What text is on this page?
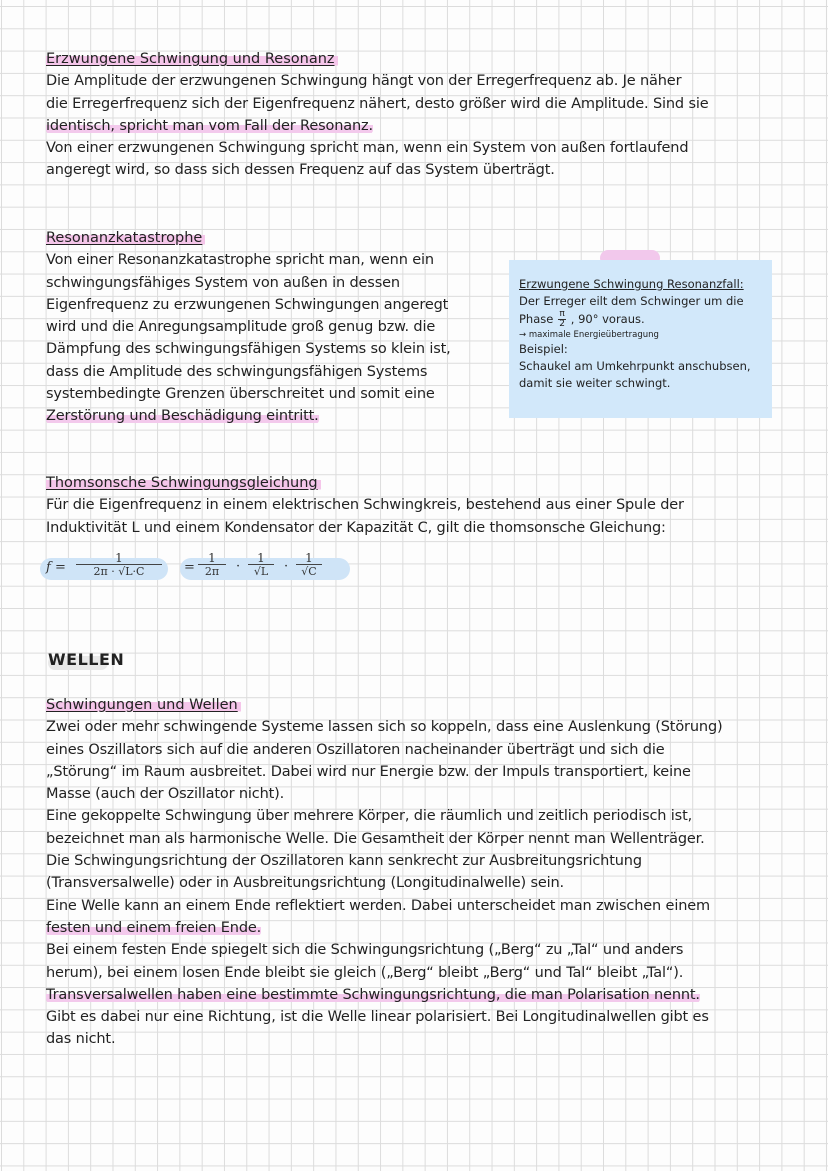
Erzwungene Schwingung und Resonanz
Die Amplitude der erzwungenen Schwingung hängt von der Erregerfrequenz ab. Je näher
die Erregerfrequenz sich der Eigenfrequenz nähert, desto größer wird die Amplitude. Sind sie
identisch, spricht man vom Fall der Resonanz.
Von einer erzwungenen Schwingung spricht man, wenn ein System von außen fortlaufend
angeregt wird, so dass sich dessen Frequenz auf das System überträgt.
Resonanzkatastrophe
Von einer Resonanzkatastrophe spricht man, wenn ein
schwingungsfähiges System von außen in dessen
Eigenfrequenz zu erzwungenen Schwingungen angeregt
wird und die Anregungsamplitude groß genug bzw. die
Dämpfung des schwingungsfähigen Systems so klein ist,
dass die Amplitude des schwingungsfähigen Systems
systembedingte Grenzen überschreitet und somit eine
Zerstörung und Beschädigung eintritt.
Erzwungene Schwingung Resonanzfall:
Der Erreger eilt dem Schwinger um die
Phase $\frac{\pi}{2}$ , 90° voraus.
→ maximale Energieübertragung
Beispiel:
Schaukel am Umkehrpunkt anschubsen,
damit sie weiter schwingt.
Thomsonsche Schwingungsgleichung
Für die Eigenfrequenz in einem elektrischen Schwingkreis, bestehend aus einer Spule der
Induktivität L und einem Kondensator der Kapazität C, gilt die thomsonsche Gleichung:
f =
1
2π · √L·C	=
1
2π	·
1
√L	·
1
√C
WELLEN
Schwingungen und Wellen
Zwei oder mehr schwingende Systeme lassen sich so koppeln, dass eine Auslenkung (Störung)
eines Oszillators sich auf die anderen Oszillatoren nacheinander überträgt und sich die
„Störung“ im Raum ausbreitet. Dabei wird nur Energie bzw. der Impuls transportiert, keine
Masse (auch der Oszillator nicht).
Eine gekoppelte Schwingung über mehrere Körper, die räumlich und zeitlich periodisch ist,
bezeichnet man als harmonische Welle. Die Gesamtheit der Körper nennt man Wellenträger.
Die Schwingungsrichtung der Oszillatoren kann senkrecht zur Ausbreitungsrichtung
(Transversalwelle) oder in Ausbreitungsrichtung (Longitudinalwelle) sein.
Eine Welle kann an einem Ende reflektiert werden. Dabei unterscheidet man zwischen einem
festen und einem freien Ende.
Bei einem festen Ende spiegelt sich die Schwingungsrichtung („Berg“ zu „Tal“ und anders
herum), bei einem losen Ende bleibt sie gleich („Berg“ bleibt „Berg“ und Tal“ bleibt „Tal“).
Transversalwellen haben eine bestimmte Schwingungsrichtung, die man Polarisation nennt.
Gibt es dabei nur eine Richtung, ist die Welle linear polarisiert. Bei Longitudinalwellen gibt es
das nicht.
